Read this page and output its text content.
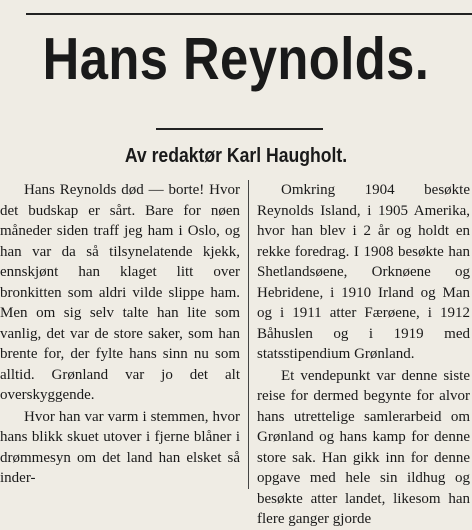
Hans Reynolds.
Av redaktør Karl Haugholt.

Hans Reynolds død — borte! Hvor det budskap er sårt. Bare for nøen måneder siden traff jeg ham i Oslo, og han var da så tilsynelatende kjekk, ennskjønt han klaget litt over bronkitten som aldri vilde slippe ham. Men om sig selv talte han lite som vanlig, det var de store saker, som han brente for, der fylte hans sinn nu som alltid. Grønland var jo det alt overskyggende.

Hvor han var varm i stemmen, hvor hans blikk skuet utover i fjerne blåner i drømmesyn om det land han elsket så inder-

Omkring 1904 besøkte Reynolds Island, i 1905 Amerika, hvor han blev i 2 år og holdt en rekke foredrag. I 1908 besøkte han Shetlandsøene, Orknøene og Hebridene, i 1910 Irland og Man og i 1911 atter Færøene, i 1912 Båhuslen og i 1919 med statsstipendium Grønland.

Et vendepunkt var denne siste reise for dermed begynte for alvor hans utrettelige samlerarbeid om Grønland og hans kamp for denne store sak. Han gikk inn for denne opgave med hele sin ildhug og besøkte atter landet, likesom han flere ganger gjorde
